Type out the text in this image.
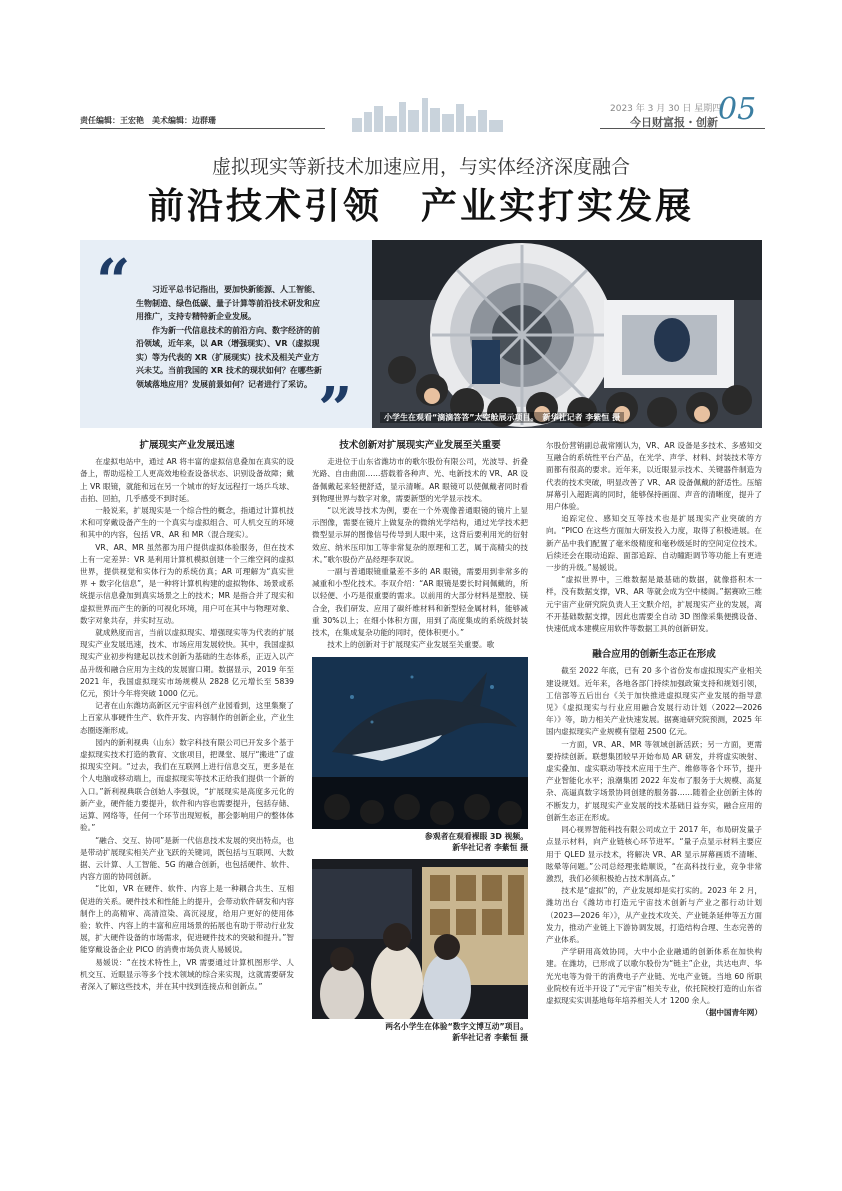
责任编辑：王宏艳　美术编辑：边群珊
2023 年 3 月 30 日 星期四
今日财富报・创新 05
虚拟现实等新技术加速应用，与实体经济深度融合
前沿技术引领　产业实打实发展
“
”

习近平总书记指出，要加快新能源、人工智能、生物制造、绿色低碳、量子计算等前沿技术研发和应用推广，支持专精特新企业发展。

作为新一代信息技术的前沿方向、数字经济的前沿领域，近年来，以 AR（增强现实）、VR（虚拟现实）等为代表的 XR（扩展现实）技术及相关产业方兴未艾。当前我国的 XR 技术的现状如何？在哪些新领域落地应用？发展前景如何？记者进行了采访。

小学生在观看“滴滴答答”太空舱展示项目。　新华社记者 李紫恒 摄
扩展现实产业发展迅速

在虚拟电站中，通过 AR 将丰富的虚拟信息叠加在真实的设备上，帮助巡检工人更高效地检查设备状态、识别设备故障；戴上 VR 眼镜，就能和远在另一个城市的好友远程打一场乒乓球、击拍、回拍，几乎感受不到时延。

一般说来，扩展现实是一个综合性的概念，指通过计算机技术和可穿戴设备产生的一个真实与虚拟组合、可人机交互的环境和其中的内容，包括 VR、AR 和 MR（混合现实）。

VR、AR、MR 虽然都为用户提供虚拟体验服务，但在技术上有一定差异：VR 是利用计算机模拟创建一个三维空间的虚拟世界，提供视觉和实体行为的系统仿真；AR 可理解为“真实世界 + 数字化信息”，是一种将计算机构建的虚拟物体、场景或系统提示信息叠加到真实场景之上的技术；MR 是指合并了现实和虚拟世界而产生的新的可视化环境，用户可在其中与物理对象、数字对象共存，并实时互动。

就成熟度而言，当前以虚拟现实、增强现实等为代表的扩展现实产业发展迅速，技术、市场应用发展较快。其中，我国虚拟现实产业初步构建起以技术创新为基础的生态体系，正迈入以产品升级和融合应用为主线的发展窗口期。数据显示，2019 年至 2021 年，我国虚拟现实市场规模从 2828 亿元增长至 5839 亿元，预计今年将突破 1000 亿元。

记者在山东潍坊高新区元宇宙科创产业园看到，这里集聚了上百家从事硬件生产、软件开发、内容制作的创新企业，产业生态圈逐渐形成。

园内的新利视典（山东）数字科技有限公司已开发多个基于虚拟现实技术打造的教育、文旅项目，把课堂、展厅“搬进”了虚拟现实空间。“过去，我们在互联网上进行信息交互，更多是在个人电脑或移动端上，而虚拟现实等技术正给我们提供一个新的入口。”新利视典联合创始人李强说，“扩展现实是高度多元化的新产业，硬件能力要提升，软件和内容也需要提升，包括存储、运算、网络等，任何一个环节出现短板，都会影响用户的整体体验。”

“融合、交互、协同”是新一代信息技术发展的突出特点，也是带动扩展现实相关产业飞跃的关键词，既包括与互联网、大数据、云计算、人工智能、5G 的融合创新，也包括硬件、软件、内容方面的协同创新。

“比如，VR 在硬件、软件、内容上是一种耦合共生、互相促进的关系。硬件技术和性能上的提升，会带动软件研发和内容制作上的高精审、高清渲染、高沉浸度，给用户更好的使用体验；软件、内容上的丰富和应用场景的拓展也有助于带动行业发展，扩大硬件设备的市场需求，促进硬件技术的突破和提升。”智能穿戴设备企业 PICO 的消费市场负责人易媛说。

易媛说：“在技术特性上，VR 需要通过计算机图形学、人机交互、近眼显示等多个技术领域的综合来实现，这就需要研发者深入了解这些技术，并在其中找到连接点和创新点。”

技术创新对扩展现实产业发展至关重要

走进位于山东省潍坊市的歌尔股份有限公司，光波导、折叠光路、自由曲面……搭载着各种声、光、电新技术的 VR、AR 设备佩戴起来轻便舒适，显示清晰。AR 眼镜可以使佩戴者同时看到物理世界与数字对象，需要新型的光学显示技术。

“以光波导技术为例，要在一个外观像普通眼镜的镜片上显示图像，需要在镜片上做复杂的微纳光学结构，通过光学技术把微型显示屏的图像信号传导到人眼中来，这背后要利用光的衍射效应、纳米压印加工等非常复杂的原理和工艺，属于高精尖的技术。”歌尔股份产品经理李双说。

一副与普通眼镜重量差不多的 AR 眼镜，需要用到非常多的减重和小型化技术。李双介绍：“AR 眼镜是要长时间佩戴的，所以轻便、小巧是很重要的需求。以前用的大部分材料是塑胶、镁合金，我们研发、应用了碳纤维材料和新型轻金属材料，能够减重 30%以上；在细小体积方面，用到了高度集成的系统级封装技术，在集成复杂功能的同时，使体积更小。”

技术上的创新对于扩展现实产业发展至关重要。歌

参观者在观看裸眼 3D 视频。
新华社记者 李紫恒 摄
两名小学生在体验“数字文博互动”项目。
新华社记者 李紫恒 摄

尔股份营销副总裁常刚认为，VR、AR 设备是多技术、多感知交互融合的系统性平台产品，在光学、声学、材料、封装技术等方面都有很高的要求。近年来，以近眼显示技术、关键器件制造为代表的技术突破，明显改善了 VR、AR 设备佩戴的舒适性。压缩屏幕引入超距离的同时，能够保持画面、声音的清晰度，提升了用户体验。

追踪定位、感知交互等技术也是扩展现实产业突破的方向。“PICO 在这些方面加大研发投入力度，取得了积极进展。在新产品中我们配置了毫米级精度和毫秒级延时的空间定位技术。后续还会在眼动追踪、面部追踪、自动瞳距调节等功能上有更进一步的升级。”易媛说。

“虚拟世界中，三维数据是最基础的数据，就像搭积木一样，没有数据支撑，VR、AR 等就会成为空中楼阁。”据赛欧三维元宇宙产业研究院负责人王文默介绍，扩展现实产业的发展，离不开基础数据支撑，因此也需要全自动 3D 图像采集便携设备、快速低成本建模应用软件等数据工具的创新研发。

融合应用的创新生态正在形成

截至 2022 年底，已有 20 多个省份发布虚拟现实产业相关建设规划。近年来，各地各部门持续加强政策支持和规划引领，工信部等五后出台《关于加快推进虚拟现实产业发展的指导意见》《虚拟现实与行业应用融合发展行动计划（2022—2026 年）》等，助力相关产业快速发展。据赛迪研究院预测，2025 年国内虚拟现实产业规模有望超 2500 亿元。

一方面，VR、AR、MR 等领域创新活跃；另一方面，更需要持续创新。联想集团较早开始布局 AR 研发，并将虚实映射、虚实叠加、虚实联动等技术应用于生产、维修等各个环节，提升产业智能化水平；浪潮集团 2022 年发布了服务于大规模、高复杂、高逼真数字场景协同创建的服务器……随着企业创新主体的不断发力，扩展现实产业发展的技术基础日益夯实，融合应用的创新生态正在形成。

同心视界智能科技有限公司成立于 2017 年，布局研发量子点显示材料，向产业链核心环节进军。“量子点显示材料主要应用于 QLED 显示技术，将解决 VR、AR 显示屏幕画质不清晰、眩晕等问题。”公司总经理张皓顺说，“在高科技行业，竞争非常激烈，我们必须积极抢占技术制高点。”

技术是“虚拟”的，产业发展却是实打实的。2023 年 2 月，潍坊出台《潍坊市打造元宇宙技术创新与产业之都行动计划（2023—2026 年）》，从产业技术攻关、产业链条延伸等五方面发力，推动产业链上下游协调发展，打造结构合理、生态完善的产业体系。

产学研用高效协同，大中小企业融通的创新体系在加快构建。在潍坊，已形成了以歌尔股份为“链主”企业，共达电声、华光光电等为骨干的消费电子产业链、光电产业链。当地 60 所职业院校有近半开设了“元宇宙”相关专业，依托院校打造的山东省虚拟现实实训基地每年培养相关人才 1200 余人。

（据中国青年网）
